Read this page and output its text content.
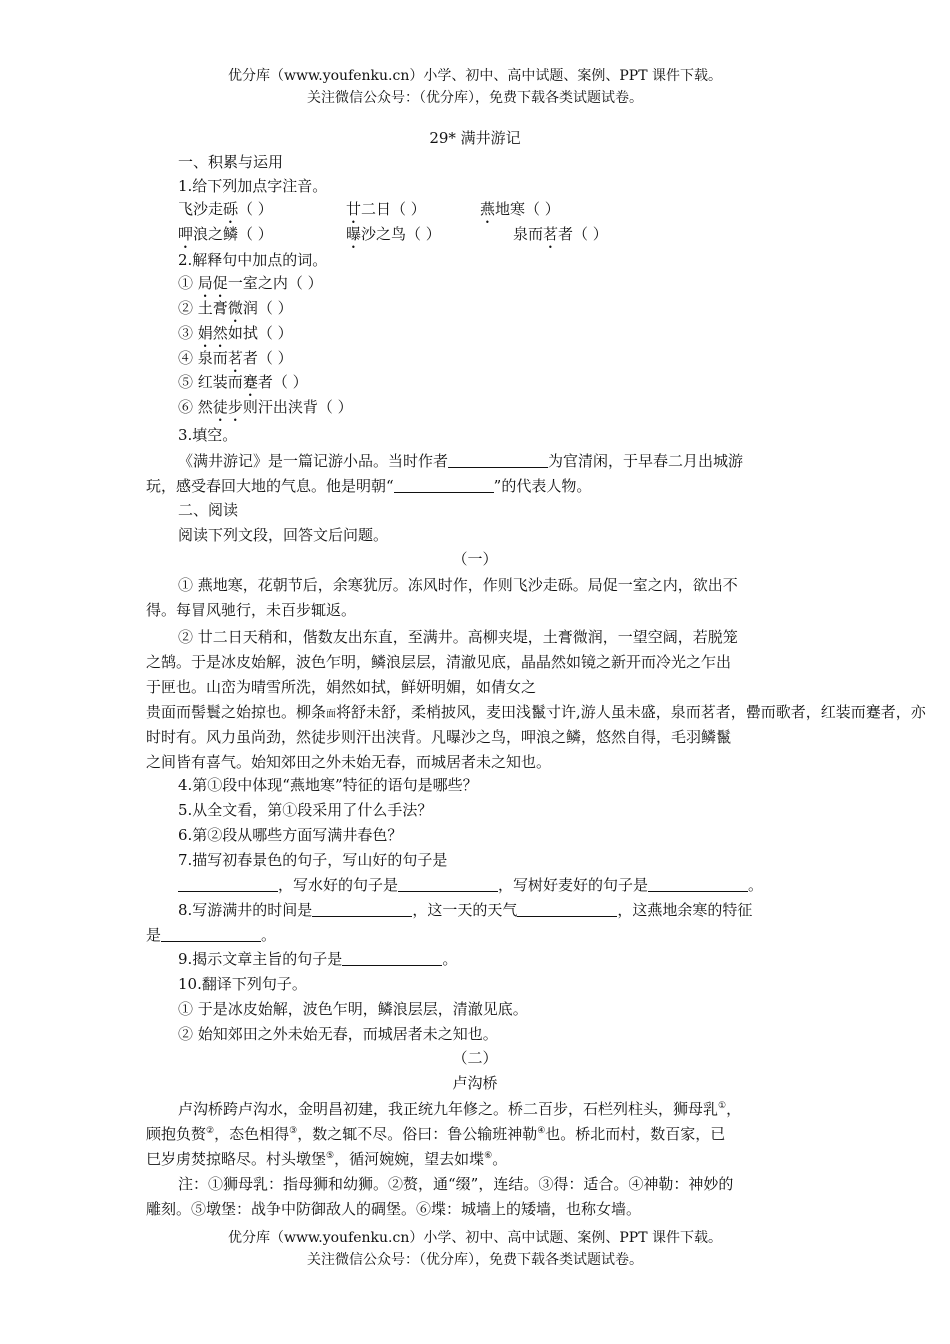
优分库（www.youfenku.cn）小学、初中、高中试题、案例、PPT 课件下载。
关注微信公众号：（优分库），免费下载各类试题试卷。
29* 满井游记
一、积累与运用
1.给下列加点字注音。
飞沙走砾（ ）	廿二日（ ）	燕地寒（ ）
呷浪之鳞（ ）	曝沙之鸟（ ）	泉而茗者（ ）
2.解释句中加点的词。
① 局促一室之内（ ）
② 土膏微润（ ）
③ 娟然如拭（ ）
④ 泉而茗者（ ）
⑤ 红装而蹇者（ ）
⑥ 然徒步则汗出浃背（ ）
3.填空。
《满井游记》是一篇记游小品。当时作者	为官清闲，于早春二月出城游
玩，感受春回大地的气息。他是明朝“	”的代表人物。
二、阅读
阅读下列文段，回答文后问题。
（一）
① 燕地寒，花朝节后，余寒犹厉。冻风时作，作则飞沙走砾。局促一室之内，欲出不
得。每冒风驰行，未百步辄返。
② 廿二日天稍和，偕数友出东直，至满井。高柳夹堤，土膏微润，一望空阔，若脱笼
之鹄。于是冰皮始解，波色乍明，鳞浪层层，清澈见底，晶晶然如镜之新开而冷光之乍出
于匣也。山峦为晴雪所洗，娟然如拭，鲜妍明媚，如倩女之
贵面而髻鬟之始掠也。柳条面将舒未舒，柔梢披风，麦田浅鬣寸许,游人虽未盛，泉而茗者，罍而歌者，红装而蹇者，亦
时时有。风力虽尚劲，然徒步则汗出浃背。凡曝沙之鸟，呷浪之鳞，悠然自得，毛羽鳞鬣
之间皆有喜气。始知郊田之外未始无春，而城居者未之知也。
4.第①段中体现“燕地寒”特征的语句是哪些？
5.从全文看，第①段采用了什么手法？
6.第②段从哪些方面写满井春色？
7.描写初春景色的句子，写山好的句子是
，写水好的句子是	，写树好麦好的句子是	。
8.写游满井的时间是	，这一天的天气	，这燕地余寒的特征
是	。
9.揭示文章主旨的句子是	。
10.翻译下列句子。
① 于是冰皮始解，波色乍明，鳞浪层层，清澈见底。
② 始知郊田之外未始无春，而城居者未之知也。
（二）
卢沟桥
卢沟桥跨卢沟水，金明昌初建，我正统九年修之。桥二百步，石栏列柱头，狮母乳①，
顾抱负赘②，态色相得③，数之辄不尽。俗曰：鲁公输班神勒④也。桥北而村，数百家，已
巳岁虏焚掠略尽。村头墩堡⑤，循河婉婉，望去如堞⑥。
注：①狮母乳：指母狮和幼狮。②赘，通“缀”，连结。③得：适合。④神勒：神妙的
雕刻。⑤墩堡：战争中防御敌人的碉堡。⑥堞：城墙上的矮墙，也称女墙。
优分库（www.youfenku.cn）小学、初中、高中试题、案例、PPT 课件下载。
关注微信公众号：（优分库），免费下载各类试题试卷。
